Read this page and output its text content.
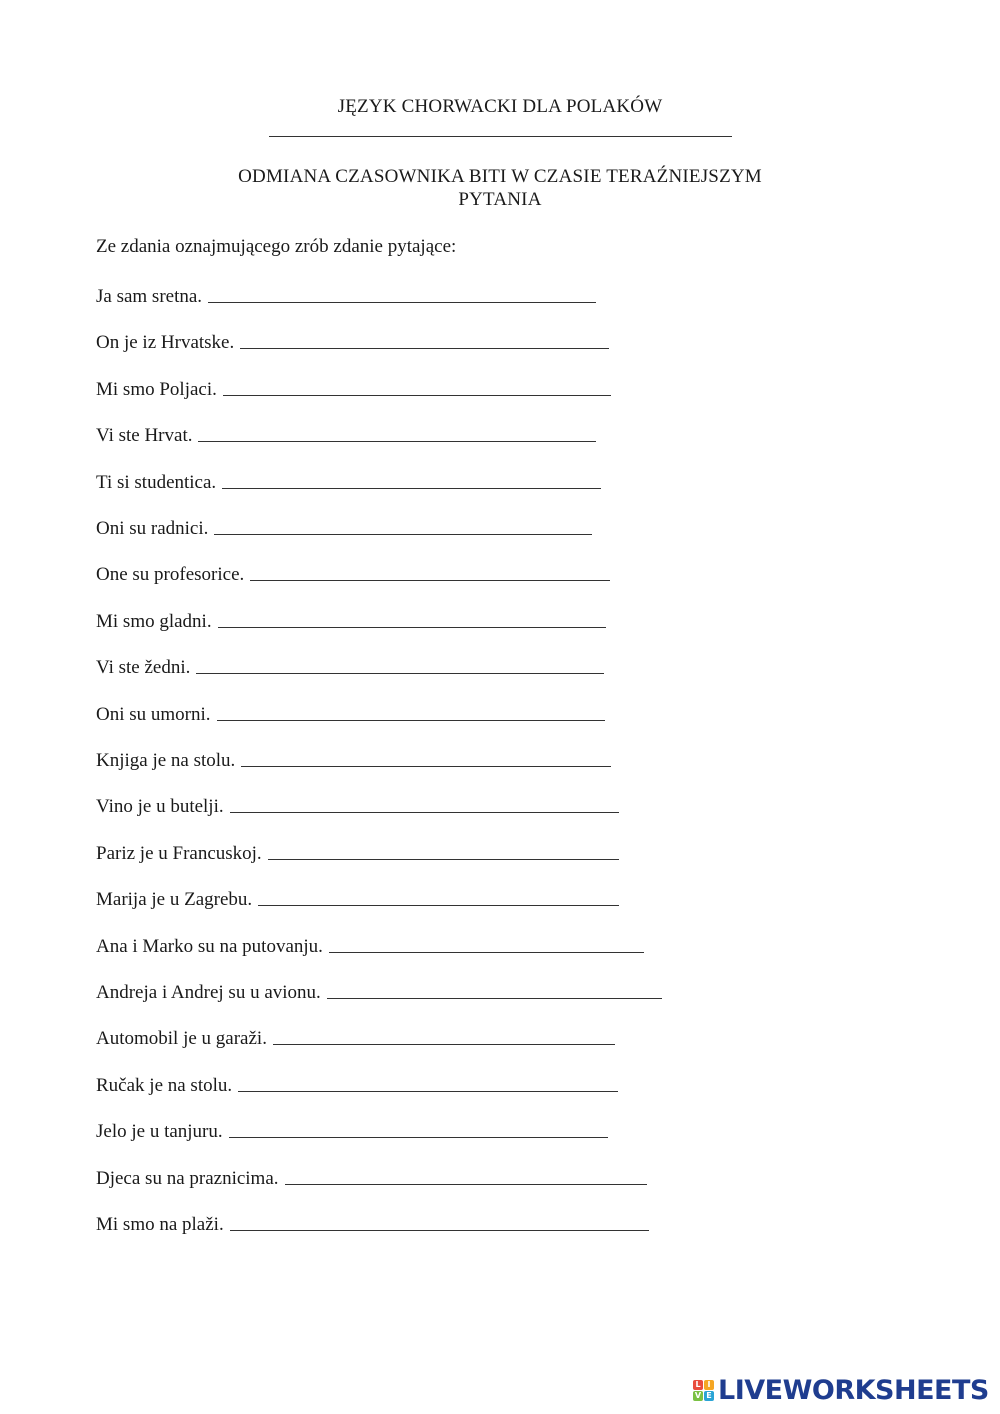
JĘZYK CHORWACKI DLA POLAKÓW
ODMIANA CZASOWNIKA BITI W CZASIE TERAŹNIEJSZYM
PYTANIA
Ze zdania oznajmującego zrób zdanie pytające:
Ja sam sretna.
On je iz Hrvatske.
Mi smo Poljaci.
Vi ste Hrvat.
Ti si studentica.
Oni su radnici.
One su profesorice.
Mi smo gladni.
Vi ste žedni.
Oni su umorni.
Knjiga je na stolu.
Vino je u butelji.
Pariz je u Francuskoj.
Marija je u Zagrebu.
Ana i Marko su na putovanju.
Andreja i Andrej su u avionu.
Automobil je u garaži.
Ručak je na stolu.
Jelo je u tanjuru.
Djeca su na praznicima.
Mi smo na plaži.
L I
V E LIVEWORKSHEETS
